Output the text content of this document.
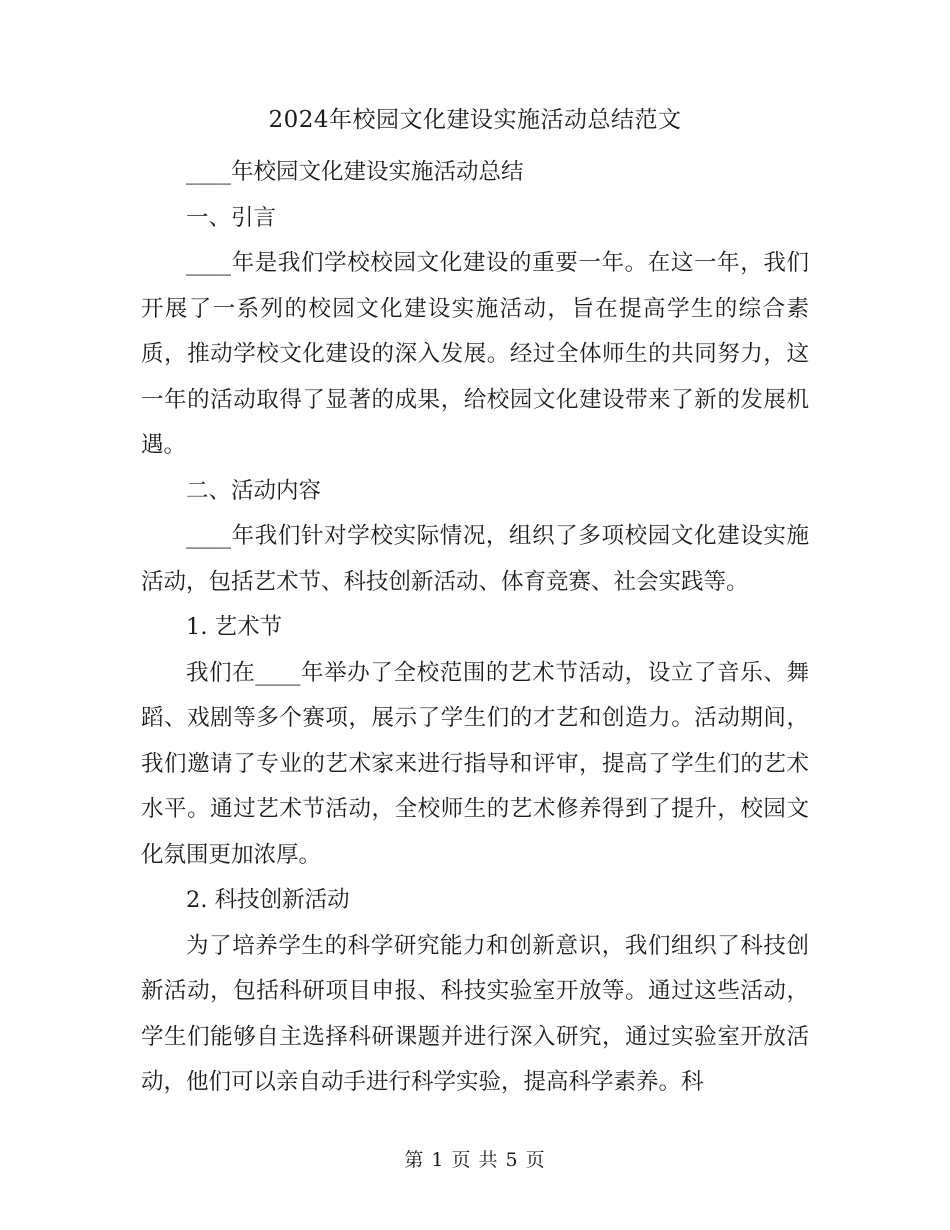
2024年校园文化建设实施活动总结范文

____年校园文化建设实施活动总结

一、引言

____年是我们学校校园文化建设的重要一年。在这一年，我们开展了一系列的校园文化建设实施活动，旨在提高学生的综合素质，推动学校文化建设的深入发展。经过全体师生的共同努力，这一年的活动取得了显著的成果，给校园文化建设带来了新的发展机遇。

二、活动内容

____年我们针对学校实际情况，组织了多项校园文化建设实施活动，包括艺术节、科技创新活动、体育竞赛、社会实践等。

1. 艺术节

我们在____年举办了全校范围的艺术节活动，设立了音乐、舞蹈、戏剧等多个赛项，展示了学生们的才艺和创造力。活动期间，我们邀请了专业的艺术家来进行指导和评审，提高了学生们的艺术水平。通过艺术节活动，全校师生的艺术修养得到了提升，校园文化氛围更加浓厚。

2. 科技创新活动

为了培养学生的科学研究能力和创新意识，我们组织了科技创新活动，包括科研项目申报、科技实验室开放等。通过这些活动，学生们能够自主选择科研课题并进行深入研究，通过实验室开放活动，他们可以亲自动手进行科学实验，提高科学素养。科

第 1 页 共 5 页
